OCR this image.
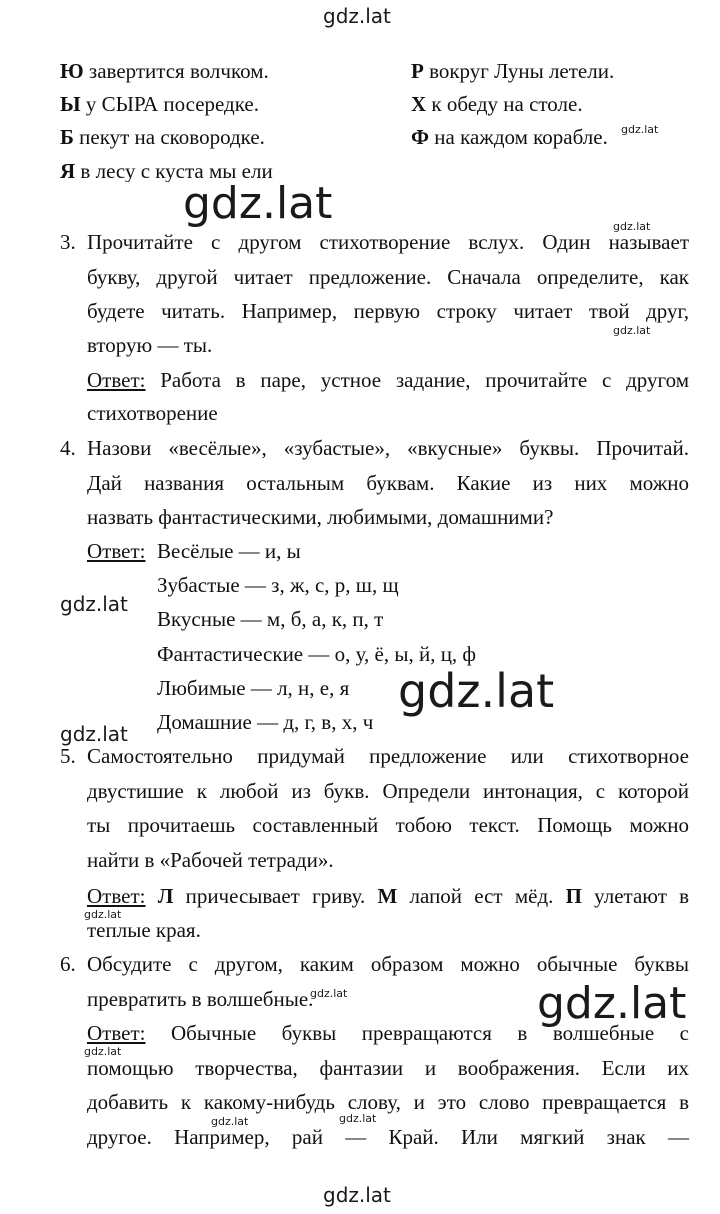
gdz.lat
gdz.lat
gdz.lat
gdz.lat
gdz.lat
gdz.lat
gdz.lat
gdz.lat
gdz.lat
gdz.lat
gdz.lat
gdz.lat
gdz.lat
gdz.lat	gdz.lat
Ю завертится волчком.
Ы у СЫРА посередке.
Б пекут на сковородке.
Я в лесу с куста мы ели
Р вокруг Луны летели.
Х к обеду на столе.
Ф на каждом корабле.
3. Прочитайте с другом стихотворение вслух. Один называет
букву, другой читает предложение. Сначала определите, как
будете читать. Например, первую строку читает твой друг,
вторую — ты.
Ответ: Работа в паре, устное задание, прочитайте с другом
стихотворение
4. Назови «весёлые», «зубастые», «вкусные» буквы. Прочитай.
Дай названия остальным буквам. Какие из них можно
назвать фантастическими, любимыми, домашними?
Ответ: Весёлые — и, ы
Зубастые — з, ж, с, р, ш, щ
Вкусные — м, б, а, к, п, т
Фантастические — о, у, ё, ы, й, ц, ф
Любимые — л, н, е, я
Домашние — д, г, в, х, ч
5. Самостоятельно придумай предложение или стихотворное
двустишие к любой из букв. Определи интонация, с которой
ты прочитаешь составленный тобою текст. Помощь можно
найти в «Рабочей тетради».
Ответ: Л причесывает гриву. М лапой ест мёд. П улетают в
теплые края.
6. Обсудите с другом, каким образом можно обычные буквы
превратить в волшебные.
Ответ: Обычные буквы превращаются в волшебные с
помощью творчества, фантазии и воображения. Если их
добавить к какому-нибудь слову, и это слово превращается в
другое. Например, рай — Край. Или мягкий знак —
